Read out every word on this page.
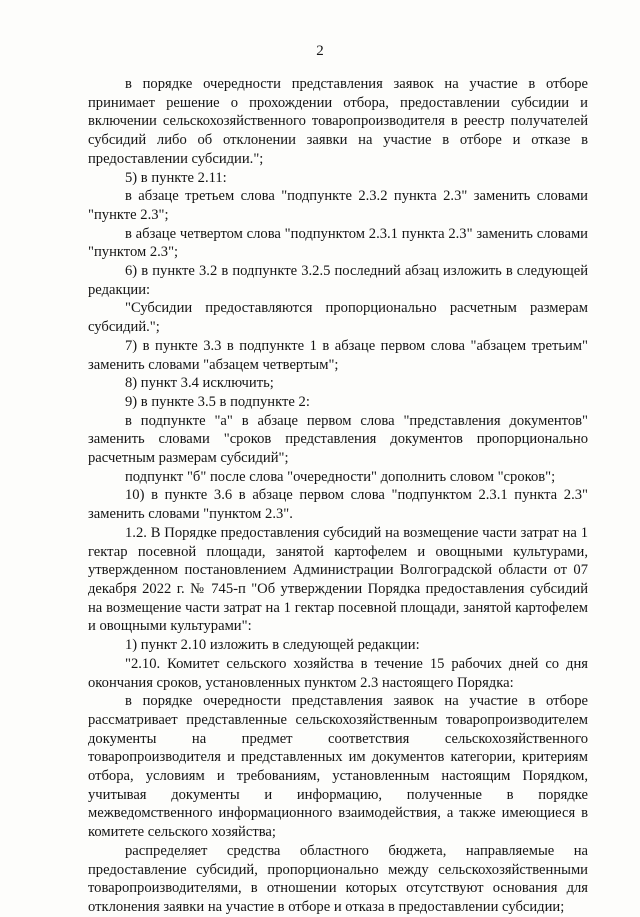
2

в порядке очередности представления заявок на участие в отборе принимает решение о прохождении отбора, предоставлении субсидии и включении сельскохозяйственного товаропроизводителя в реестр получателей субсидий либо об отклонении заявки на участие в отборе и отказе в предоставлении субсидии.";

5) в пункте 2.11:

в абзаце третьем слова "подпункте 2.3.2 пункта 2.3" заменить словами "пункте 2.3";

в абзаце четвертом слова "подпунктом 2.3.1 пункта 2.3" заменить словами "пунктом 2.3";

6) в пункте 3.2 в подпункте 3.2.5 последний абзац изложить в следующей редакции:

"Субсидии предоставляются пропорционально расчетным размерам субсидий.";

7) в пункте 3.3 в подпункте 1 в абзаце первом слова "абзацем третьим" заменить словами "абзацем четвертым";

8) пункт 3.4 исключить;

9) в пункте 3.5 в подпункте 2:

в подпункте "а" в абзаце первом слова "представления документов" заменить словами "сроков представления документов пропорционально расчетным размерам субсидий";

подпункт "б" после слова "очередности" дополнить словом "сроков";

10) в пункте 3.6 в абзаце первом слова "подпунктом 2.3.1 пункта 2.3" заменить словами "пунктом 2.3".

1.2. В Порядке предоставления субсидий на возмещение части затрат на 1 гектар посевной площади, занятой картофелем и овощными культурами, утвержденном постановлением Администрации Волгоградской области от 07 декабря 2022 г. № 745-п "Об утверждении Порядка предоставления субсидий на возмещение части затрат на 1 гектар посевной площади, занятой картофелем и овощными культурами":

1) пункт 2.10 изложить в следующей редакции:

"2.10. Комитет сельского хозяйства в течение 15 рабочих дней со дня окончания сроков, установленных пунктом 2.3 настоящего Порядка:

в порядке очередности представления заявок на участие в отборе рассматривает представленные сельскохозяйственным товаропроизводителем документы на предмет соответствия сельскохозяйственного товаропроизводителя и представленных им документов категории, критериям отбора, условиям и требованиям, установленным настоящим Порядком, учитывая документы и информацию, полученные в порядке межведомственного информационного взаимодействия, а также имеющиеся в комитете сельского хозяйства;

распределяет средства областного бюджета, направляемые на предоставление субсидий, пропорционально между сельскохозяйственными товаропроизводителями, в отношении которых отсутствуют основания для отклонения заявки на участие в отборе и отказа в предоставлении субсидии;
